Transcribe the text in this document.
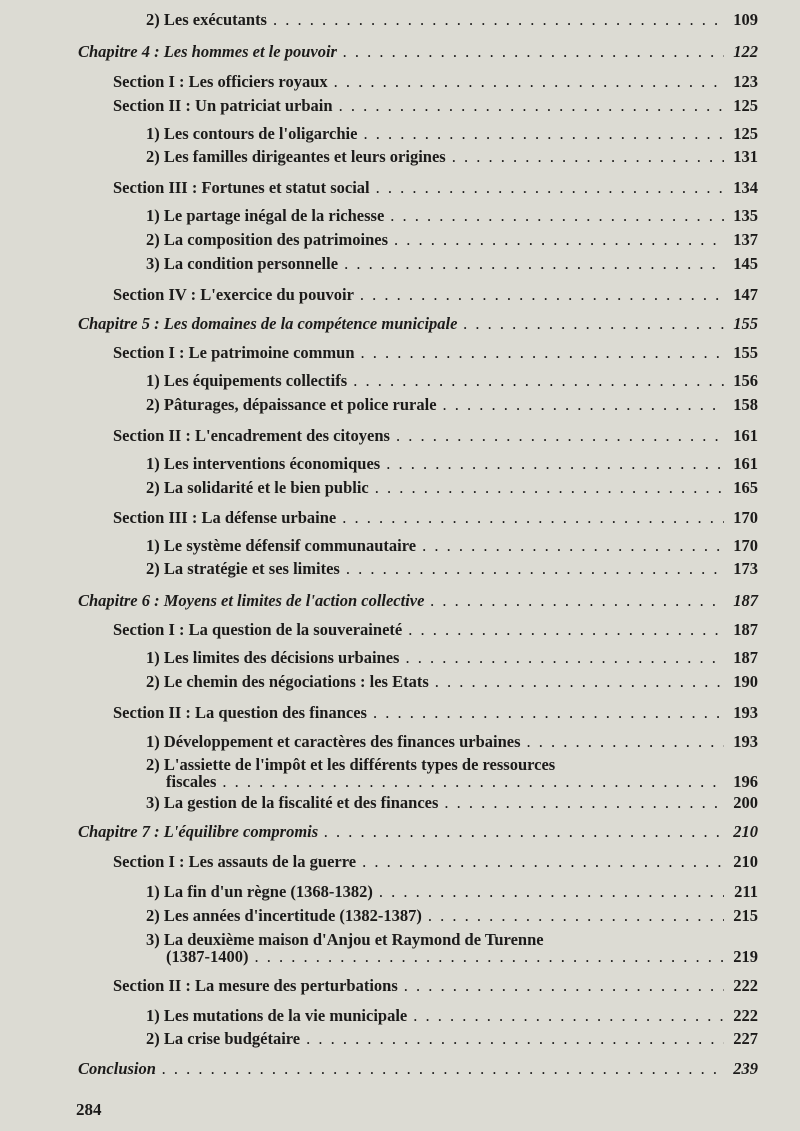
2) Les exécutants . . .	109
Chapitre 4 : Les hommes et le pouvoir . . .	122
Section I : Les officiers royaux . . .	123
Section II : Un patriciat urbain . . .	125
1) Les contours de l'oligarchie . . .	125
2) Les familles dirigeantes et leurs origines . . .	131
Section III : Fortunes et statut social . . .	134
1) Le partage inégal de la richesse . . .	135
2) La composition des patrimoines . . .	137
3) La condition personnelle . . .	145
Section IV : L'exercice du pouvoir . . .	147
Chapitre 5 : Les domaines de la compétence municipale . . .	155
Section I : Le patrimoine commun . . .	155
1) Les équipements collectifs . . .	156
2) Pâturages, dépaissance et police rurale . . .	158
Section II : L'encadrement des citoyens . . .	161
1) Les interventions économiques . . .	161
2) La solidarité et le bien public . . .	165
Section III : La défense urbaine . . .	170
1) Le système défensif communautaire . . .	170
2) La stratégie et ses limites . . .	173
Chapitre 6 : Moyens et limites de l'action collective . . .	187
Section I : La question de la souveraineté . . .	187
1) Les limites des décisions urbaines . . .	187
2) Le chemin des négociations : les Etats . . .	190
Section II : La question des finances . . .	193
1) Développement et caractères des finances urbaines . . .	193
2) L'assiette de l'impôt et les différents types de ressources
fiscales . . .	196
3) La gestion de la fiscalité et des finances . . .	200
Chapitre 7 : L'équilibre compromis . . .	210
Section I : Les assauts de la guerre . . .	210
1) La fin d'un règne (1368-1382) . . .	211
2) Les années d'incertitude (1382-1387) . . .	215
3) La deuxième maison d'Anjou et Raymond de Turenne
(1387-1400) . . .	219
Section II : La mesure des perturbations . . .	222
1) Les mutations de la vie municipale . . .	222
2) La crise budgétaire . . .	227
Conclusion . . .	239
284
